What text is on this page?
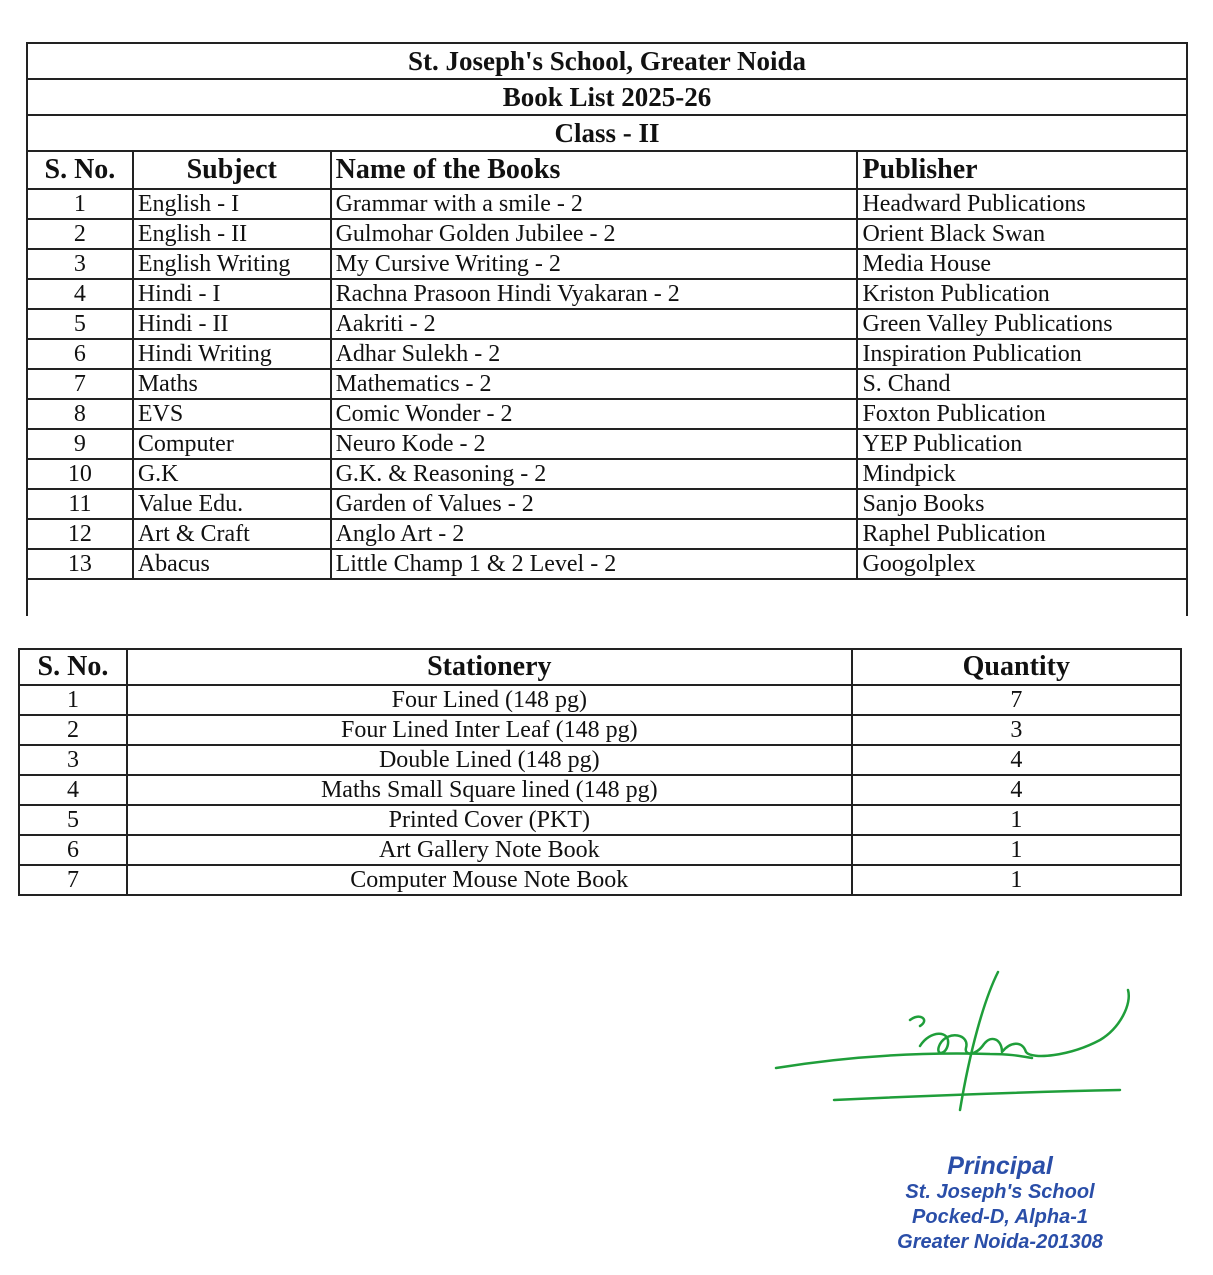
St. Joseph's School, Greater Noida			
Book List 2025-26			
Class - II			
S. No.	Subject	Name of the Books	Publisher
1	English - I	Grammar with a smile - 2	Headward Publications
2	English - II	Gulmohar Golden Jubilee - 2	Orient Black Swan
3	English Writing	My Cursive Writing - 2	Media House
4	Hindi - I	Rachna Prasoon Hindi Vyakaran - 2	Kriston Publication
5	Hindi - II	Aakriti - 2	Green Valley Publications
6	Hindi Writing	Adhar Sulekh - 2	Inspiration Publication
7	Maths	Mathematics - 2	S. Chand
8	EVS	Comic Wonder - 2	Foxton Publication
9	Computer	Neuro Kode - 2	YEP Publication
10	G.K	G.K. & Reasoning - 2	Mindpick
11	Value Edu.	Garden of Values - 2	Sanjo Books
12	Art & Craft	Anglo Art - 2	Raphel Publication
13	Abacus	Little Champ 1 & 2 Level - 2	Googolplex

S. No.	Stationery	Quantity
1	Four Lined (148 pg)	7
2	Four Lined Inter Leaf (148 pg)	3
3	Double Lined (148 pg)	4
4	Maths Small Square lined (148 pg)	4
5	Printed Cover (PKT)	1
6	Art Gallery Note Book	1
7	Computer Mouse Note Book	1
Principal
St. Joseph's School
Pocked-D, Alpha-1
Greater Noida-201308
